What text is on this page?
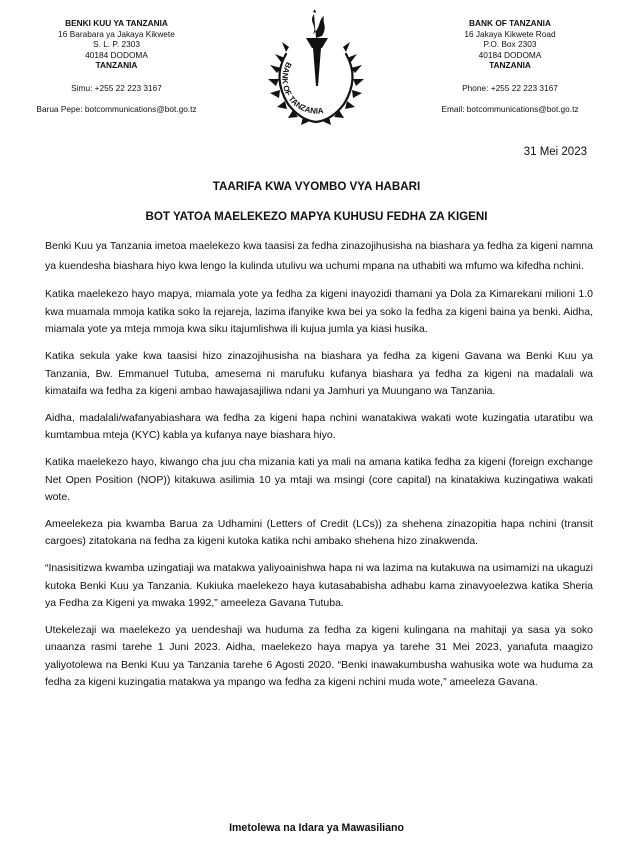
BENKI KUU YA TANZANIA
16 Barabara ya Jakaya Kikwete
S. L. P. 2303
40184 DODOMA
TANZANIA
Simu: +255 22 223 3167
Barua Pepe: botcommunications@bot.go.tz
BANK OF TANZANIA
BANK OF TANZANIA
16 Jakaya Kikwete Road
P.O. Box 2303
40184 DODOMA
TANZANIA
Phone: +255 22 223 3167
Email: botcommunications@bot.go.tz
31 Mei 2023
TAARIFA KWA VYOMBO VYA HABARI
BOT YATOA MAELEKEZO MAPYA KUHUSU FEDHA ZA KIGENI

Benki Kuu ya Tanzania imetoa maelekezo kwa taasisi za fedha zinazojihusisha na biashara ya fedha za kigeni namna ya kuendesha biashara hiyo kwa lengo la kulinda utulivu wa uchumi mpana na uthabiti wa mfumo wa kifedha nchini.

Katika maelekezo hayo mapya, miamala yote ya fedha za kigeni inayozidi thamani ya Dola za Kimarekani milioni 1.0 kwa muamala mmoja katika soko la rejareja, lazima ifanyike kwa bei ya soko la fedha za kigeni baina ya benki. Aidha, miamala yote ya mteja mmoja kwa siku itajumlishwa ili kujua jumla ya kiasi husika.

Katika sekula yake kwa taasisi hizo zinazojihusisha na biashara ya fedha za kigeni Gavana wa Benki Kuu ya Tanzania, Bw. Emmanuel Tutuba, amesema ni marufuku kufanya biashara ya fedha za kigeni na madalali wa kimataifa wa fedha za kigeni ambao hawajasajiliwa ndani ya Jamhuri ya Muungano wa Tanzania.

Aidha, madalali/wafanyabiashara wa fedha za kigeni hapa nchini wanatakiwa wakati wote kuzingatia utaratibu wa kumtambua mteja (KYC) kabla ya kufanya naye biashara hiyo.

Katika maelekezo hayo, kiwango cha juu cha mizania kati ya mali na amana katika fedha za kigeni (foreign exchange Net Open Position (NOP)) kitakuwa asilimia 10 ya mtaji wa msingi (core capital) na kinatakiwa kuzingatiwa wakati wote.

Ameelekeza pia kwamba Barua za Udhamini (Letters of Credit (LCs)) za shehena zinazopitia hapa nchini (transit cargoes) zitatokana na fedha za kigeni kutoka katika nchi ambako shehena hizo zinakwenda.

“Inasisitizwa kwamba uzingatiaji wa matakwa yaliyoainishwa hapa ni wa lazima na kutakuwa na usimamizi na ukaguzi kutoka Benki Kuu ya Tanzania. Kukiuka maelekezo haya kutasababisha adhabu kama zinavyoelezwa katika Sheria ya Fedha za Kigeni ya mwaka 1992,” ameeleza Gavana Tutuba.

Utekelezaji wa maelekezo ya uendeshaji wa huduma za fedha za kigeni kulingana na mahitaji ya sasa ya soko unaanza rasmi tarehe 1 Juni 2023. Aidha, maelekezo haya mapya ya tarehe 31 Mei 2023, yanafuta maagizo yaliyotolewa na Benki Kuu ya Tanzania tarehe 6 Agosti 2020. “Benki inawakumbusha wahusika wote wa huduma za fedha za kigeni kuzingatia matakwa ya mpango wa fedha za kigeni nchini muda wote,” ameeleza Gavana.

Imetolewa na Idara ya Mawasiliano
